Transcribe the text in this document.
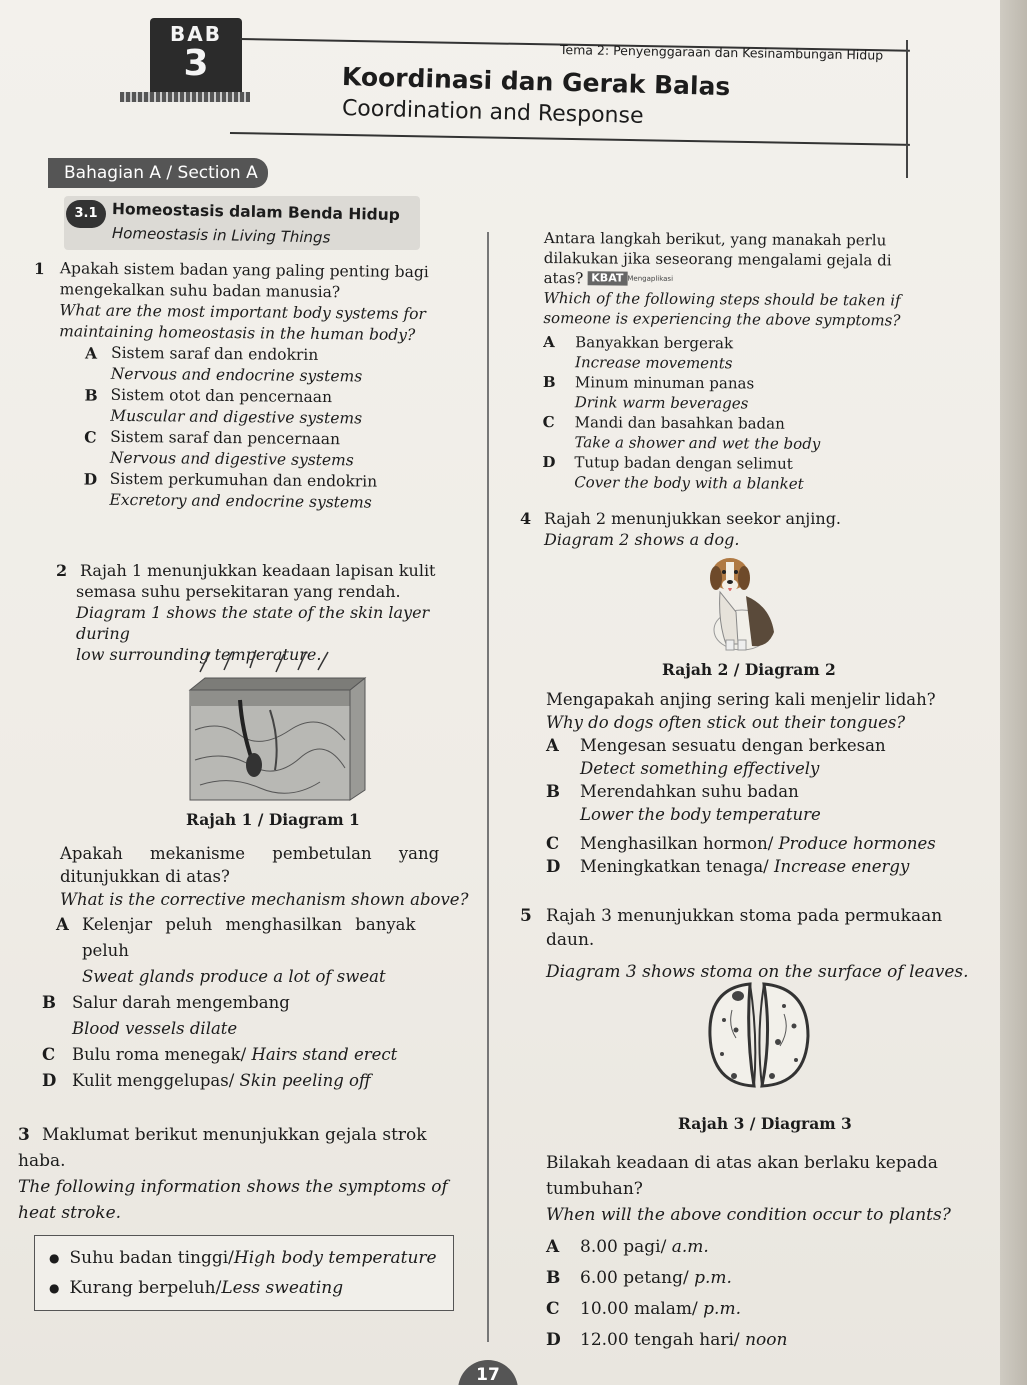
BAB
3	Tema 2: Penyenggaraan dan Kesinambungan Hidup
Koordinasi dan Gerak Balas
Coordination and Response
Bahagian A / Section A
3.1 Homeostasis dalam Benda Hidup
Homeostasis in Living Things
1 Apakah sistem badan yang paling penting bagi
mengekalkan suhu badan manusia?
What are the most important body systems for
maintaining homeostasis in the human body?
A Sistem saraf dan endokrin
Nervous and endocrine systems
B Sistem otot dan pencernaan
Muscular and digestive systems
C Sistem saraf dan pencernaan
Nervous and digestive systems
D Sistem perkumuhan dan endokrin
Excretory and endocrine systems
2 Rajah 1 menunjukkan keadaan lapisan kulit
semasa suhu persekitaran yang rendah.
Diagram 1 shows the state of the skin layer during
low surrounding temperature.
Rajah 1 / Diagram 1
Apakah mekanisme pembetulan yang
ditunjukkan di atas?
What is the corrective mechanism shown above?
A Kelenjar peluh menghasilkan banyak
peluh
Sweat glands produce a lot of sweat
B Salur darah mengembang
Blood vessels dilate
C	Bulu roma menegak/ Hairs stand erect
D Kulit menggelupas/ Skin peeling off
3 Maklumat berikut menunjukkan gejala strok
haba.
The following information shows the symptoms of
heat stroke.
● Suhu badan tinggi/ High body temperature
● Kurang berpeluh/ Less sweating
Antara langkah berikut, yang manakah perlu
dilakukan jika seseorang mengalami gejala di
atas? KBAT $^{Mengaplikasi}$
Which of the following steps should be taken if
someone is experiencing the above symptoms?
A	Banyakkan bergerak
Increase movements
B	Minum minuman panas
Drink warm beverages
C	Mandi dan basahkan badan
Take a shower and wet the body
D	Tutup badan dengan selimut
Cover the body with a blanket
4 Rajah 2 menunjukkan seekor anjing.
Diagram 2 shows a dog.
Rajah 2 / Diagram 2
Mengapakah anjing sering kali menjelir lidah?
Why do dogs often stick out their tongues?
A	Mengesan sesuatu dengan berkesan
Detect something effectively
B	Merendahkan suhu badan
Lower the body temperature
C	Menghasilkan hormon/ Produce hormones
D	Meningkatkan tenaga/ Increase energy
5 Rajah 3 menunjukkan stoma pada permukaan
daun.
Diagram 3 shows stoma on the surface of leaves.
Rajah 3 / Diagram 3
Bilakah keadaan di atas akan berlaku kepada
tumbuhan?
When will the above condition occur to plants?
A	8.00 pagi/
a.m.
B	6.00 petang/
p.m.
C	10.00 malam/
p.m.
D	12.00 tengah hari/
noon
17
